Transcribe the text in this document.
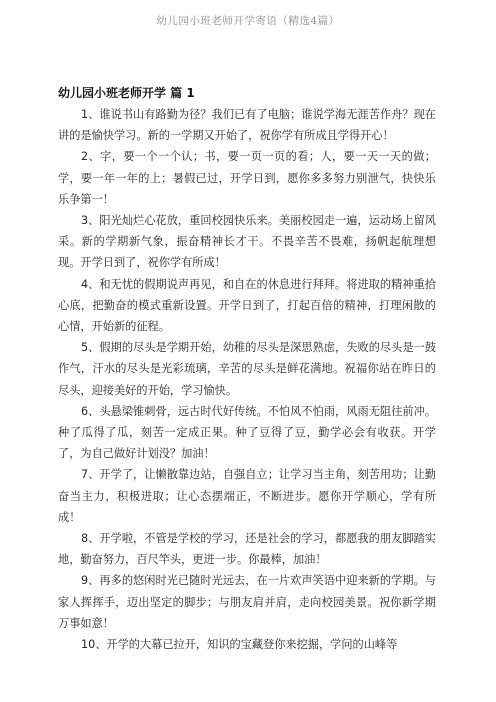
幼儿园小班老师开学寄语（精选4篇）
幼儿园小班老师开学 篇 1

1、谁说书山有路勤为径？我们已有了电脑；谁说学海无涯苦作舟？现在讲的是愉快学习。新的一学期又开始了，祝你学有所成且学得开心！

2、字，要一个一个认；书，要一页一页的看；人，要一天一天的做；学，要一年一年的上；暑假已过，开学日到，愿你多多努力别泄气，快快乐乐争第一！

3、阳光灿烂心花放，重回校园快乐来。美丽校园走一遍，运动场上留风采。新的学期新气象，振奋精神长才干。不畏辛苦不畏难，扬帆起航理想现。开学日到了，祝你学有所成！

4、和无忧的假期说声再见，和自在的休息进行拜拜。将进取的精神重拾心底，把勤奋的模式重新设置。开学日到了，打起百倍的精神，打理闲散的心情，开始新的征程。

5、假期的尽头是学期开始，幼稚的尽头是深思熟虑，失败的尽头是一鼓作气，汗水的尽头是光彩琉璃，辛苦的尽头是鲜花满地。祝福你站在昨日的尽头，迎接美好的开始，学习愉快。

6、头悬梁锥刺骨，远古时代好传统。不怕风不怕雨，风雨无阻往前冲。种了瓜得了瓜，刻苦一定成正果。种了豆得了豆，勤学必会有收获。开学了，为自己做好计划没？加油！

7、开学了，让懒散靠边站，自强自立；让学习当主角，刻苦用功；让勤奋当主力，积极进取；让心态摆端正，不断进步。愿你开学顺心，学有所成！

8、开学啦，不管是学校的学习，还是社会的学习，都愿我的朋友脚踏实地，勤奋努力，百尺竿头，更进一步。你最棒，加油！

9、再多的悠闲时光已随时光远去，在一片欢声笑语中迎来新的学期。与家人挥挥手，迈出坚定的脚步；与朋友肩并肩，走向校园美景。祝你新学期万事如意！

10、开学的大幕已拉开，知识的宝藏登你来挖掘，学问的山峰等
